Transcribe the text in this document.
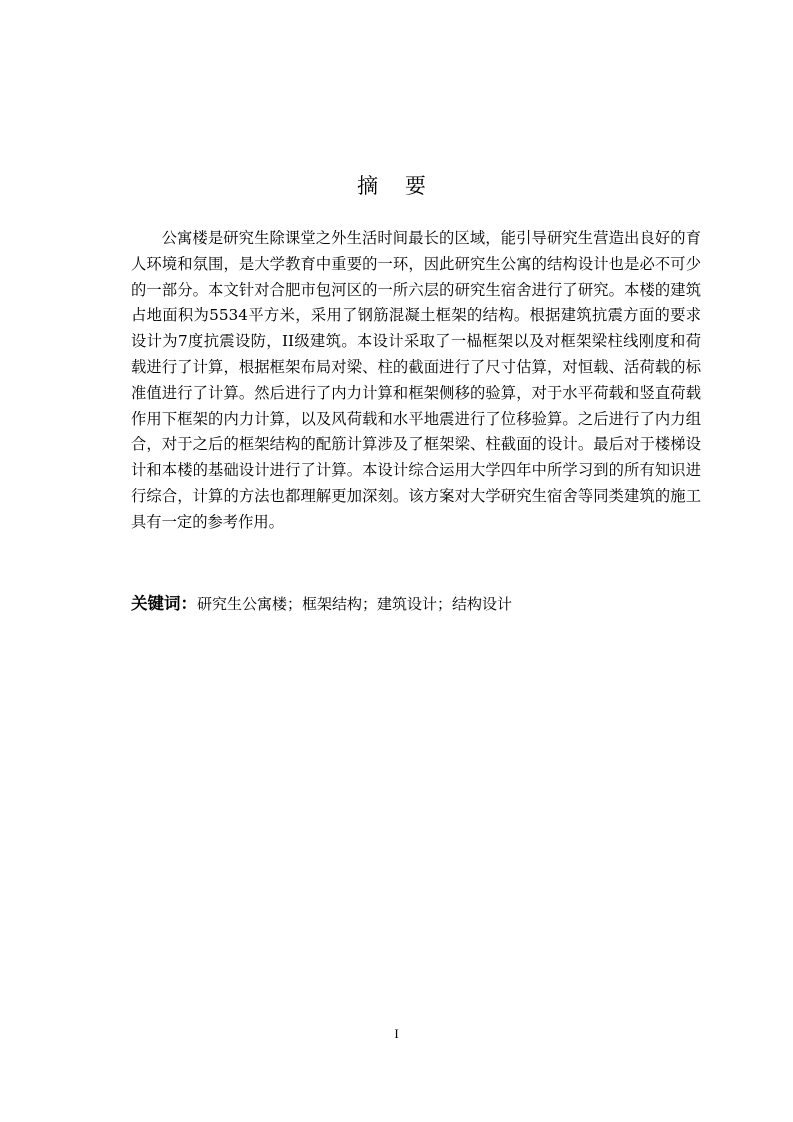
摘 要

公寓楼是研究生除课堂之外生活时间最长的区域，能引导研究生营造出良好的育人环境和氛围，是大学教育中重要的一环，因此研究生公寓的结构设计也是必不可少的一部分。本文针对合肥市包河区的一所六层的研究生宿舍进行了研究。本楼的建筑占地面积为5534平方米，采用了钢筋混凝土框架的结构。根据建筑抗震方面的要求设计为7度抗震设防，II级建筑。本设计采取了一榀框架以及对框架梁柱线刚度和荷载进行了计算，根据框架布局对梁、柱的截面进行了尺寸估算，对恒载、活荷载的标准值进行了计算。然后进行了内力计算和框架侧移的验算，对于水平荷载和竖直荷载作用下框架的内力计算，以及风荷载和水平地震进行了位移验算。之后进行了内力组合，对于之后的框架结构的配筋计算涉及了框架梁、柱截面的设计。最后对于楼梯设计和本楼的基础设计进行了计算。本设计综合运用大学四年中所学习到的所有知识进行综合，计算的方法也都理解更加深刻。该方案对大学研究生宿舍等同类建筑的施工具有一定的参考作用。

关键词：研究生公寓楼；框架结构；建筑设计；结构设计

I
